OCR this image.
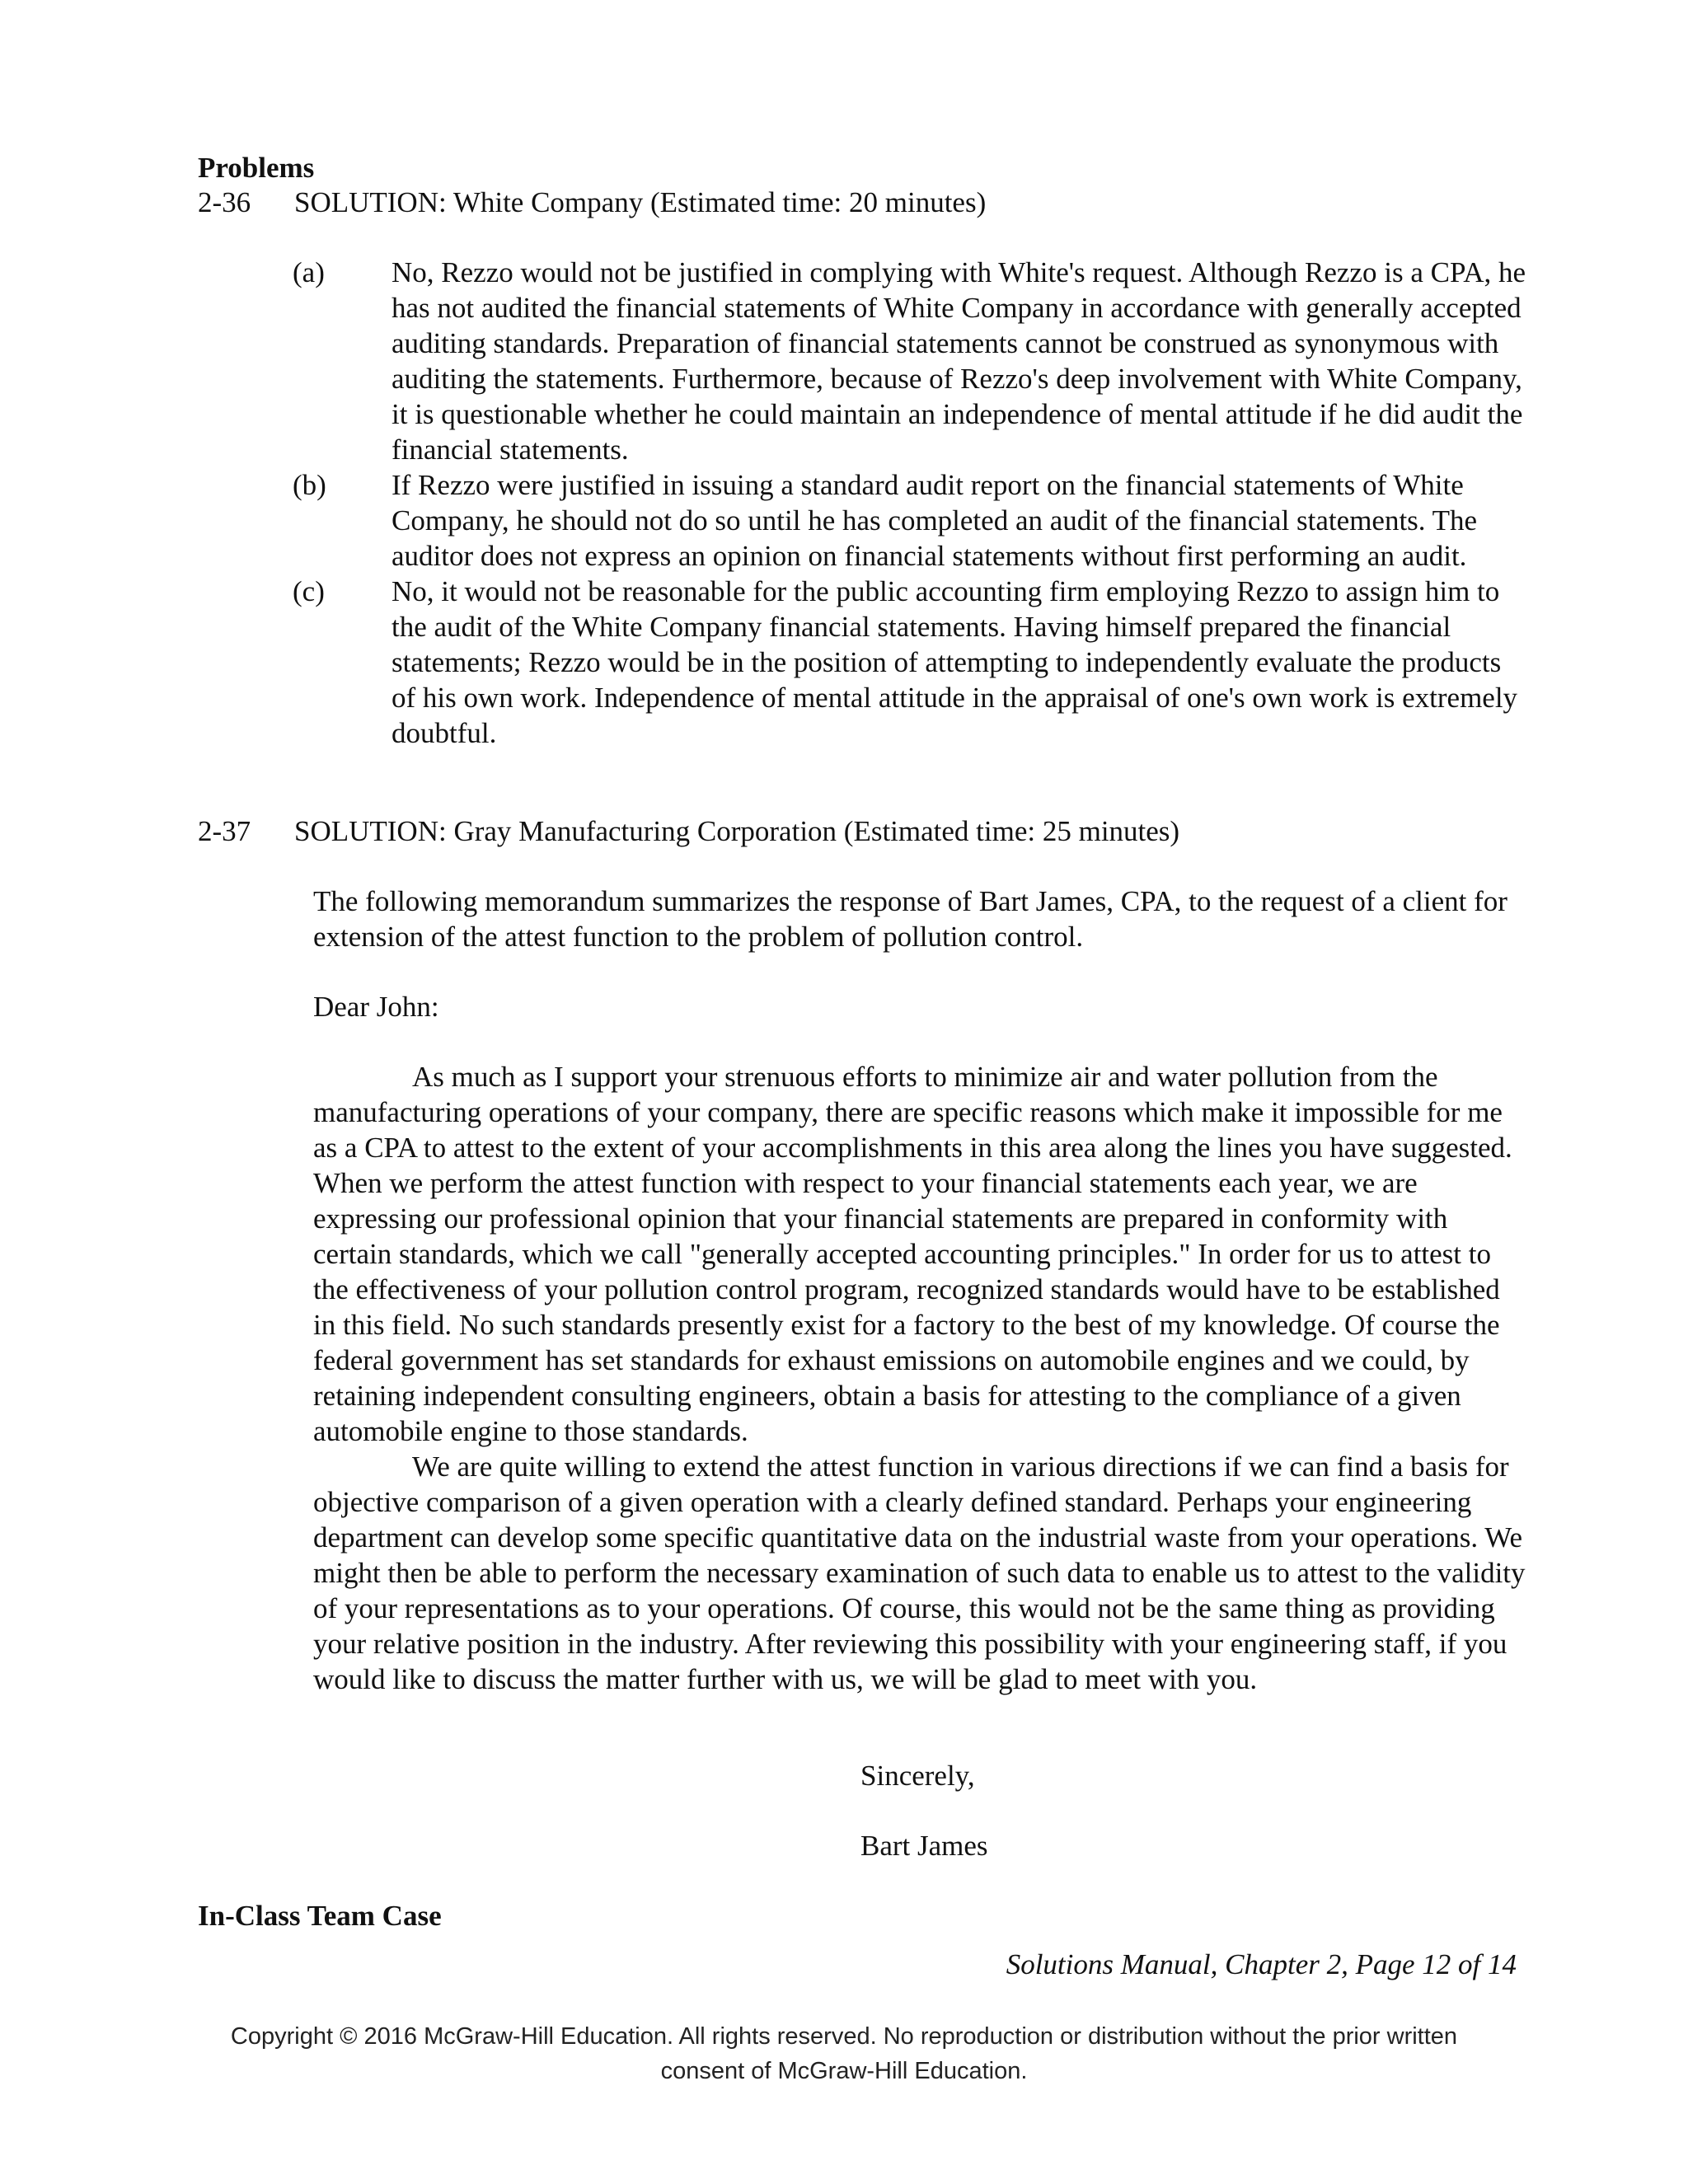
Problems
2-36 SOLUTION: White Company (Estimated time: 20 minutes)
(a) No, Rezzo would not be justified in complying with White's request. Although Rezzo is a CPA, he has not audited the financial statements of White Company in accordance with generally accepted auditing standards. Preparation of financial statements cannot be construed as synonymous with auditing the statements. Furthermore, because of Rezzo's deep involvement with White Company, it is questionable whether he could maintain an independence of mental attitude if he did audit the financial statements.
(b) If Rezzo were justified in issuing a standard audit report on the financial statements of White Company, he should not do so until he has completed an audit of the financial statements. The auditor does not express an opinion on financial statements without first performing an audit.
(c) No, it would not be reasonable for the public accounting firm employing Rezzo to assign him to the audit of the White Company financial statements. Having himself prepared the financial statements; Rezzo would be in the position of attempting to independently evaluate the products of his own work. Independence of mental attitude in the appraisal of one's own work is extremely doubtful.
2-37 SOLUTION: Gray Manufacturing Corporation (Estimated time: 25 minutes)
The following memorandum summarizes the response of Bart James, CPA, to the request of a client for extension of the attest function to the problem of pollution control.
Dear John:

As much as I support your strenuous efforts to minimize air and water pollution from the manufacturing operations of your company, there are specific reasons which make it impossible for me as a CPA to attest to the extent of your accomplishments in this area along the lines you have suggested. When we perform the attest function with respect to your financial statements each year, we are expressing our professional opinion that your financial statements are prepared in conformity with certain standards, which we call "generally accepted accounting principles." In order for us to attest to the effectiveness of your pollution control program, recognized standards would have to be established in this field. No such standards presently exist for a factory to the best of my knowledge. Of course the federal government has set standards for exhaust emissions on automobile engines and we could, by retaining independent consulting engineers, obtain a basis for attesting to the compliance of a given automobile engine to those standards.

We are quite willing to extend the attest function in various directions if we can find a basis for objective comparison of a given operation with a clearly defined standard. Perhaps your engineering department can develop some specific quantitative data on the industrial waste from your operations. We might then be able to perform the necessary examination of such data to enable us to attest to the validity of your representations as to your operations. Of course, this would not be the same thing as providing your relative position in the industry. After reviewing this possibility with your engineering staff, if you would like to discuss the matter further with us, we will be glad to meet with you.

Sincerely,
Bart James
In-Class Team Case
Solutions Manual, Chapter 2, Page 12 of 14
Copyright © 2016 McGraw-Hill Education. All rights reserved. No reproduction or distribution without the prior written
consent of McGraw-Hill Education.
